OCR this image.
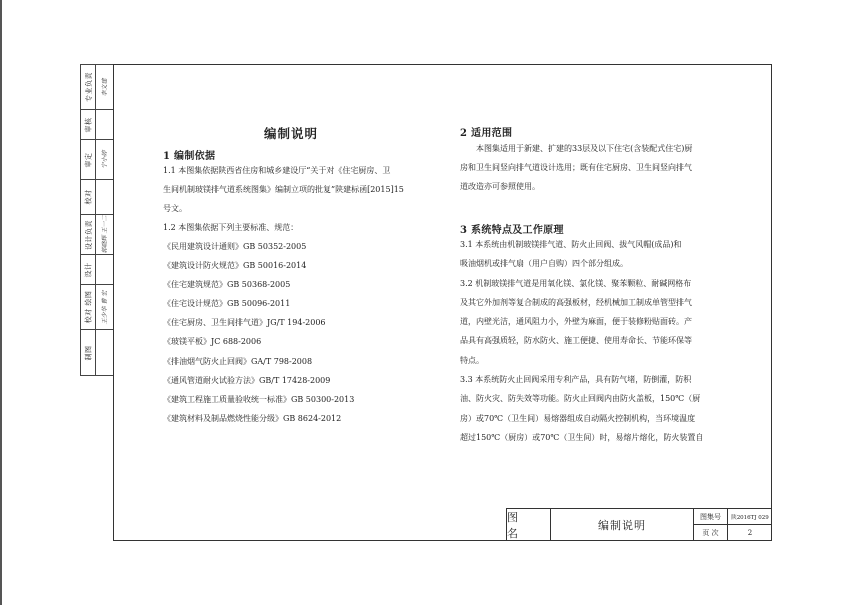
专业负责	李文建
审核
审定	宁小婷
校对
设计负责	郭晓辉 王一二
设计
校对 绘图	王少华 曹 宏
制图
编制说明
1 编制依据
1.1 本图集依据陕西省住房和城乡建设厅“关于对《住宅厨房、卫
生间机制玻镁排气道系统图集》编制立项的批复”陕建标函[2015]15
号文。
1.2 本图集依据下列主要标准、规范：
《民用建筑设计通则》GB 50352-2005
《建筑设计防火规范》GB 50016-2014
《住宅建筑规范》GB 50368-2005
《住宅设计规范》GB 50096-2011
《住宅厨房、卫生间排气道》JG/T 194-2006
《玻镁平板》JC 688-2006
《排油烟气防火止回阀》GA/T 798-2008
《通风管道耐火试验方法》GB/T 17428-2009
《建筑工程施工质量验收统一标准》GB 50300-2013
《建筑材料及制品燃烧性能分级》GB 8624-2012
2 适用范围
本图集适用于新建、扩建的33层及以下住宅(含装配式住宅)厨
房和卫生间竖向排气道设计选用；既有住宅厨房、卫生间竖向排气
道改造亦可参照使用。
3 系统特点及工作原理
3.1 本系统由机制玻镁排气道、防火止回阀、拔气风帽(成品)和
吸油烟机或排气扇（用户自购）四个部分组成。
3.2 机制玻镁排气道是用氧化镁、氯化镁、聚苯颗粒、耐碱网格布
及其它外加剂等复合制成的高强板材，经机械加工制成单管型排气
道，内壁光洁，通风阻力小，外壁为麻面，便于装修粉贴面砖。产
品具有高强质轻，防水防火、施工便捷、使用寿命长、节能环保等
特点。
3.3 本系统防火止回阀采用专利产品，具有防气堵，防倒灌，防积
油、防火灾、防失效等功能。防火止回阀内由防火盖板，150℃（厨
房）或70℃（卫生间）易熔器组成自动隔火控制机构，当环境温度
超过150℃（厨房）或70℃（卫生间）时，易熔片熔化，防火装置自
图 名
编制说明
图集号	陕2016TJ 029
页 次	2
